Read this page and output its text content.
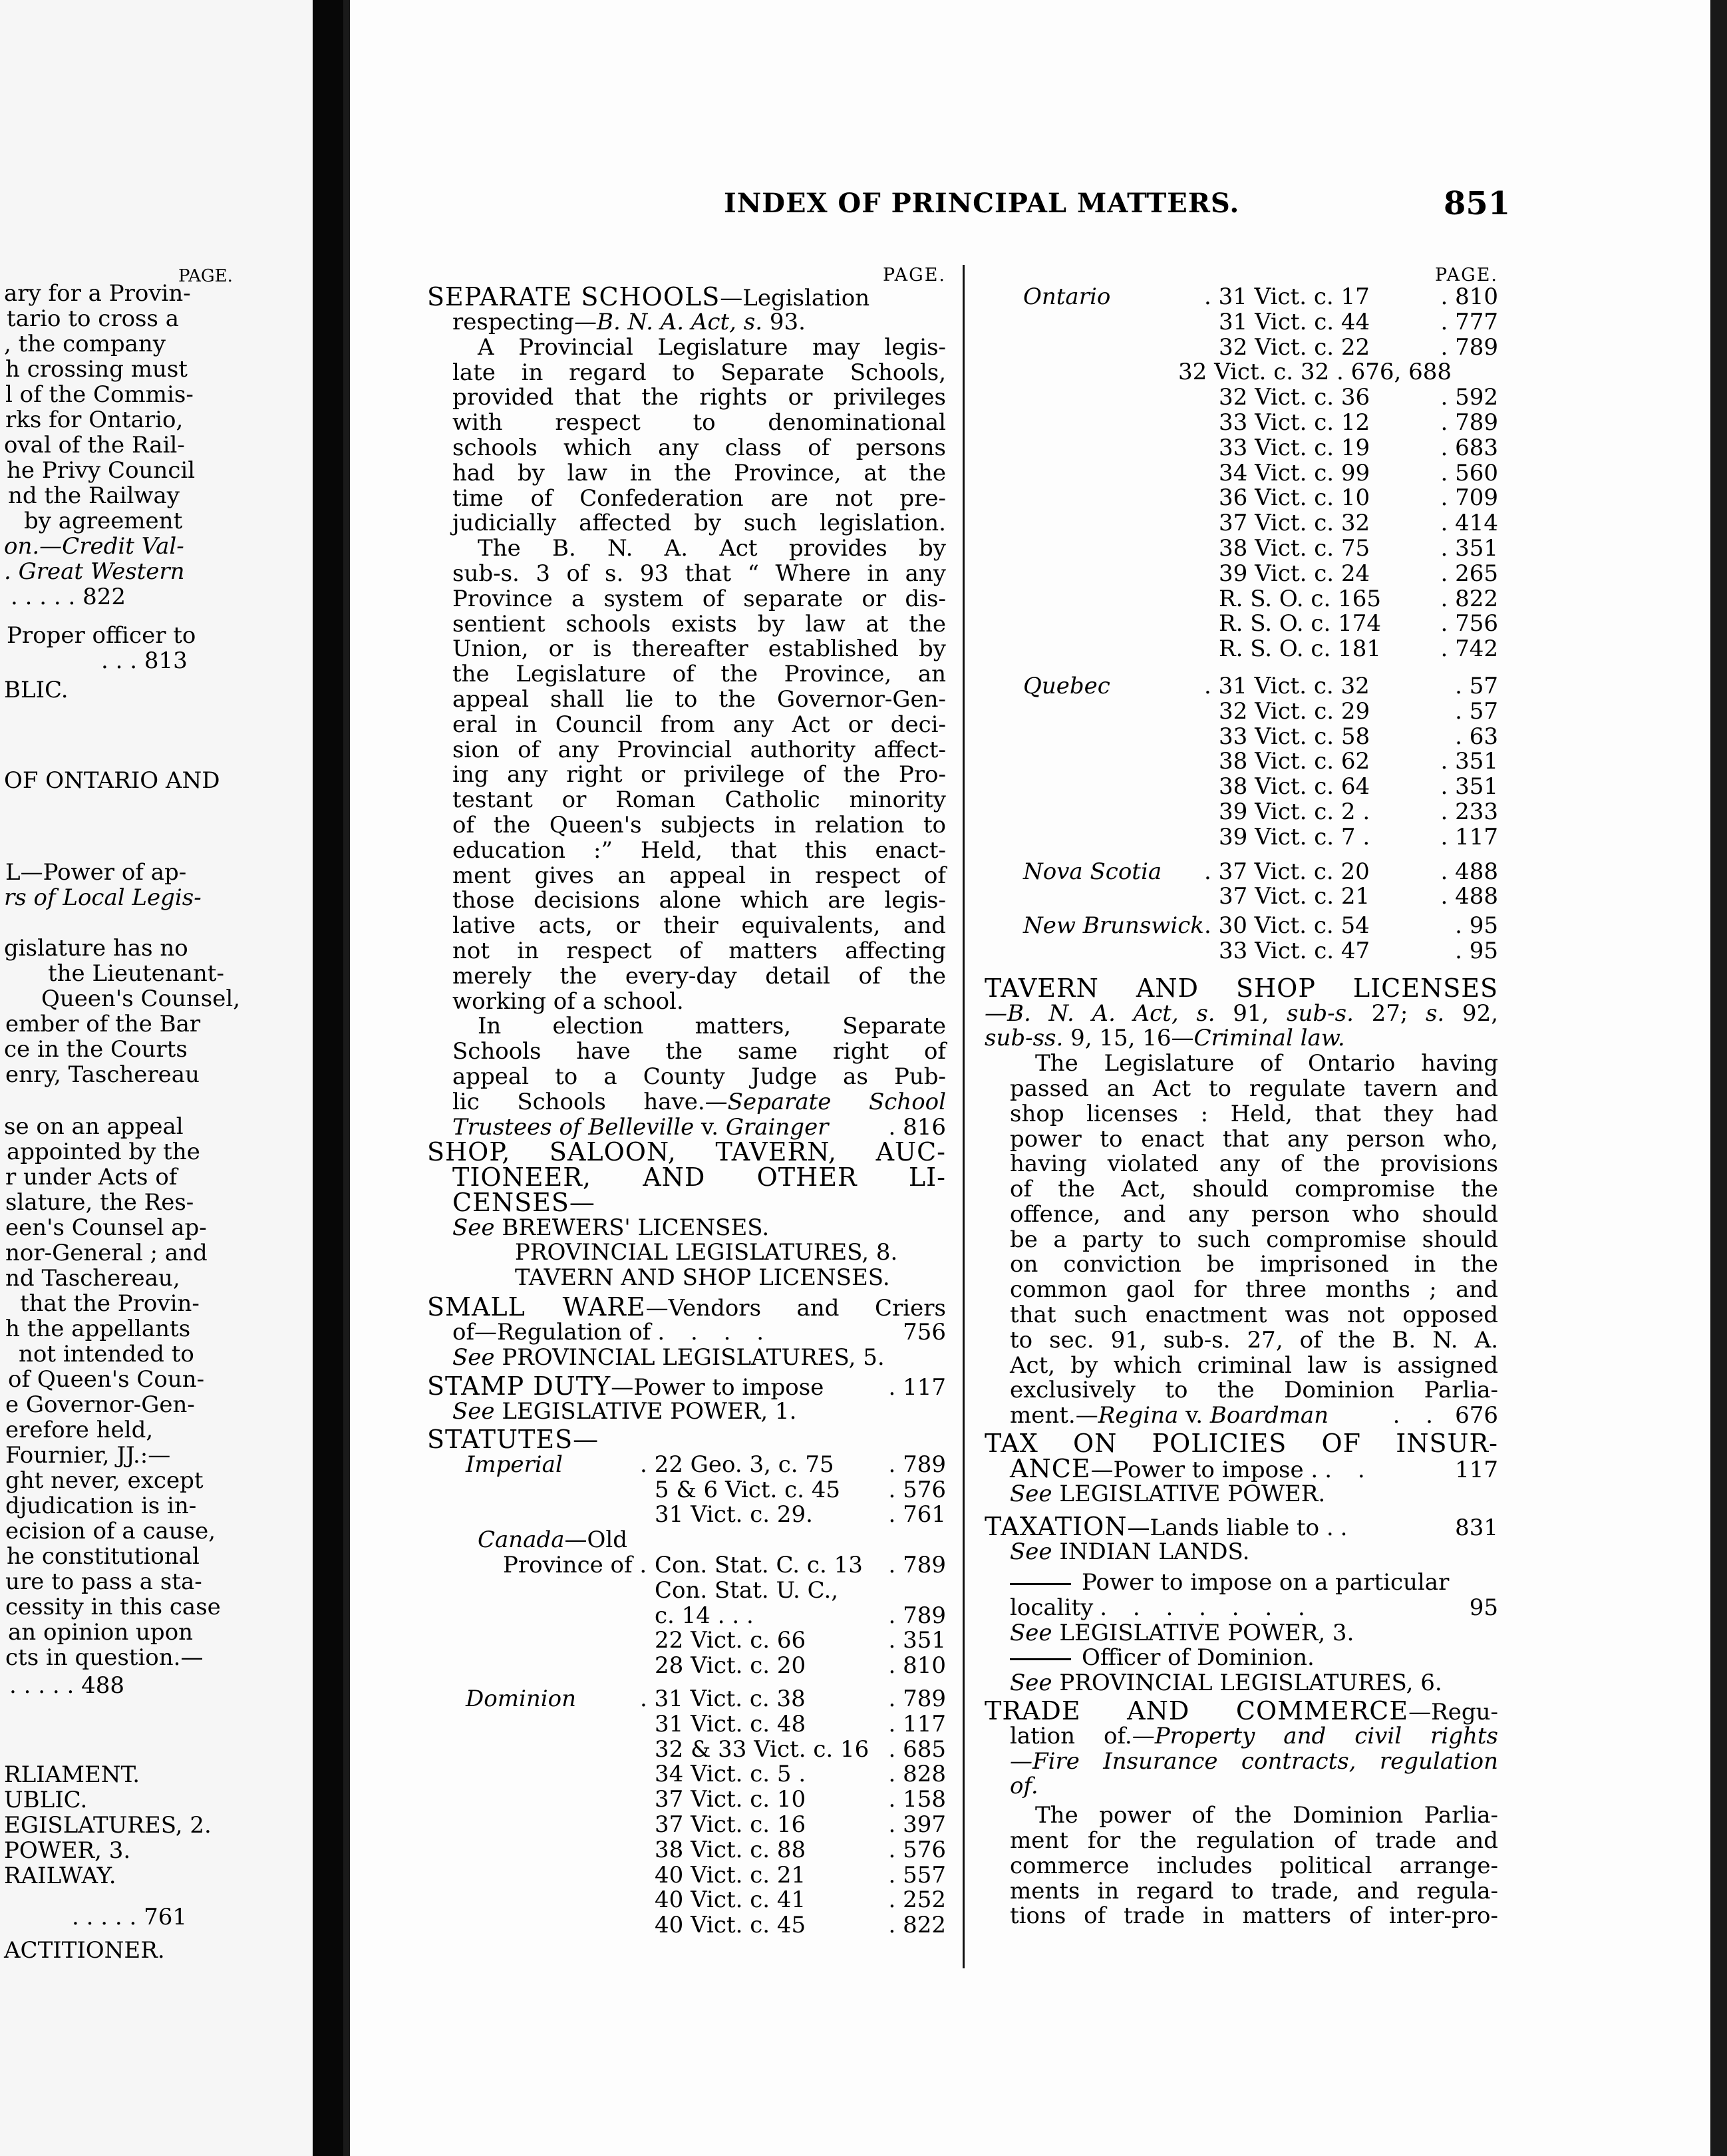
PAGE.
ary for a Provin-
tario to cross a
, the company
h crossing must
l of the Commis-
rks for Ontario,
oval of the Rail-
he Privy Council
nd the Railway
by agreement
on.—Credit Val-
. Great Western
. . . . . 822
Proper officer to
. . . 813
BLIC.
OF ONTARIO AND
L—Power of ap-
rs of Local Legis-
gislature has no
the Lieutenant-
Queen's Counsel,
ember of the Bar
ce in the Courts
enry, Taschereau
se on an appeal
appointed by the
r under Acts of
slature, the Res-
een's Counsel ap-
nor-General ; and
nd Taschereau,
that the Provin-
h the appellants
not intended to
of Queen's Coun-
e Governor-Gen-
erefore held,
Fournier, JJ.:—
ght never, except
djudication is in-
ecision of a cause,
he constitutional
ure to pass a sta-
cessity in this case
an opinion upon
cts in question.—
. . . . . 488
RLIAMENT.
UBLIC.
EGISLATURES, 2.
POWER, 3.
RAILWAY.
. . . . . 761
ACTITIONER.
INDEX OF PRINCIPAL MATTERS.	851
PAGE.
SEPARATE SCHOOLS—Legislation
respecting—B. N. A. Act, s. 93.
A Provincial Legislature may legis-
late in regard to Separate Schools,
provided that the rights or privileges
with respect to denominational
schools which any class of persons
had by law in the Province, at the
time of Confederation are not pre-
judicially affected by such legislation.
The B. N. A. Act provides by
sub-s. 3 of s. 93 that “ Where in any
Province a system of separate or dis-
sentient schools exists by law at the
Union, or is thereafter established by
the Legislature of the Province, an
appeal shall lie to the Governor-Gen-
eral in Council from any Act or deci-
sion of any Provincial authority affect-
ing any right or privilege of the Pro-
testant or Roman Catholic minority
of the Queen's subjects in relation to
education :” Held, that this enact-
ment gives an appeal in respect of
those decisions alone which are legis-
lative acts, or their equivalents, and
not in respect of matters affecting
merely the every-day detail of the
working of a school.
In election matters, Separate
Schools have the same right of
appeal to a County Judge as Pub-
lic Schools have.—Separate School
Trustees of Belleville v. Grainger	. 816
SHOP, SALOON, TAVERN, AUC-
TIONEER, AND OTHER LI-
CENSES—
See BREWERS' LICENSES.
PROVINCIAL LEGISLATURES, 8.
TAVERN AND SHOP LICENSES.
SMALL WARE—Vendors and Criers
of—Regulation of . . . .	756
See PROVINCIAL LEGISLATURES, 5.
STAMP DUTY—Power to impose	. 117
See LEGISLATIVE POWER, 1.
STATUTES—
Imperial	. 22 Geo. 3, c. 75	. 789
5 & 6 Vict. c. 45	. 576
31 Vict. c. 29.	. 761
Canada—Old
Province of . Con. Stat. C. c. 13	. 789
Con. Stat. U. C.,
c. 14 . . .	. 789
22 Vict. c. 66	. 351
28 Vict. c. 20	. 810
Dominion	. 31 Vict. c. 38	. 789
31 Vict. c. 48	. 117
32 & 33 Vict. c. 16 . 685
34 Vict. c. 5 .	. 828
37 Vict. c. 10	. 158
37 Vict. c. 16	. 397
38 Vict. c. 88	. 576
40 Vict. c. 21	. 557
40 Vict. c. 41	. 252
40 Vict. c. 45	. 822
PAGE.
Ontario	. 31 Vict. c. 17	. 810
31 Vict. c. 44	. 777
32 Vict. c. 22	. 789
32 Vict. c. 32 . 676, 688
32 Vict. c. 36	. 592
33 Vict. c. 12	. 789
33 Vict. c. 19	. 683
34 Vict. c. 99	. 560
36 Vict. c. 10	. 709
37 Vict. c. 32	. 414
38 Vict. c. 75	. 351
39 Vict. c. 24	. 265
R. S. O. c. 165	. 822
R. S. O. c. 174	. 756
R. S. O. c. 181	. 742
Quebec	. 31 Vict. c. 32	. 57
32 Vict. c. 29	. 57
33 Vict. c. 58	. 63
38 Vict. c. 62	. 351
38 Vict. c. 64	. 351
39 Vict. c. 2 .	. 233
39 Vict. c. 7 .	. 117
Nova Scotia	. 37 Vict. c. 20	. 488
37 Vict. c. 21	. 488
New Brunswick . 30 Vict. c. 54	. 95
33 Vict. c. 47	. 95
TAVERN AND SHOP LICENSES
—B. N. A. Act, s. 91, sub-s. 27; s. 92,
sub-ss. 9, 15, 16—Criminal law.
The Legislature of Ontario having
passed an Act to regulate tavern and
shop licenses : Held, that they had
power to enact that any person who,
having violated any of the provisions
of the Act, should compromise the
offence, and any person who should
be a party to such compromise should
on conviction be imprisoned in the
common gaol for three months ; and
that such enactment was not opposed
to sec. 91, sub-s. 27, of the B. N. A.
Act, by which criminal law is assigned
exclusively to the Dominion Parlia-
ment.—Regina v. Boardman	. . 676
TAX ON POLICIES OF INSUR-
ANCE —Power to impose . . .	117
See LEGISLATIVE POWER.
TAXATION —Lands liable to . .	831
See INDIAN LANDS.
Power to impose on a particular
locality . . . . . . .	95
See LEGISLATIVE POWER, 3.
Officer of Dominion.
See PROVINCIAL LEGISLATURES, 6.
TRADE AND COMMERCE—Regu-
lation of.—Property and civil rights
—Fire Insurance contracts, regulation
of.
The power of the Dominion Parlia-
ment for the regulation of trade and
commerce includes political arrange-
ments in regard to trade, and regula-
tions of trade in matters of inter-pro-
